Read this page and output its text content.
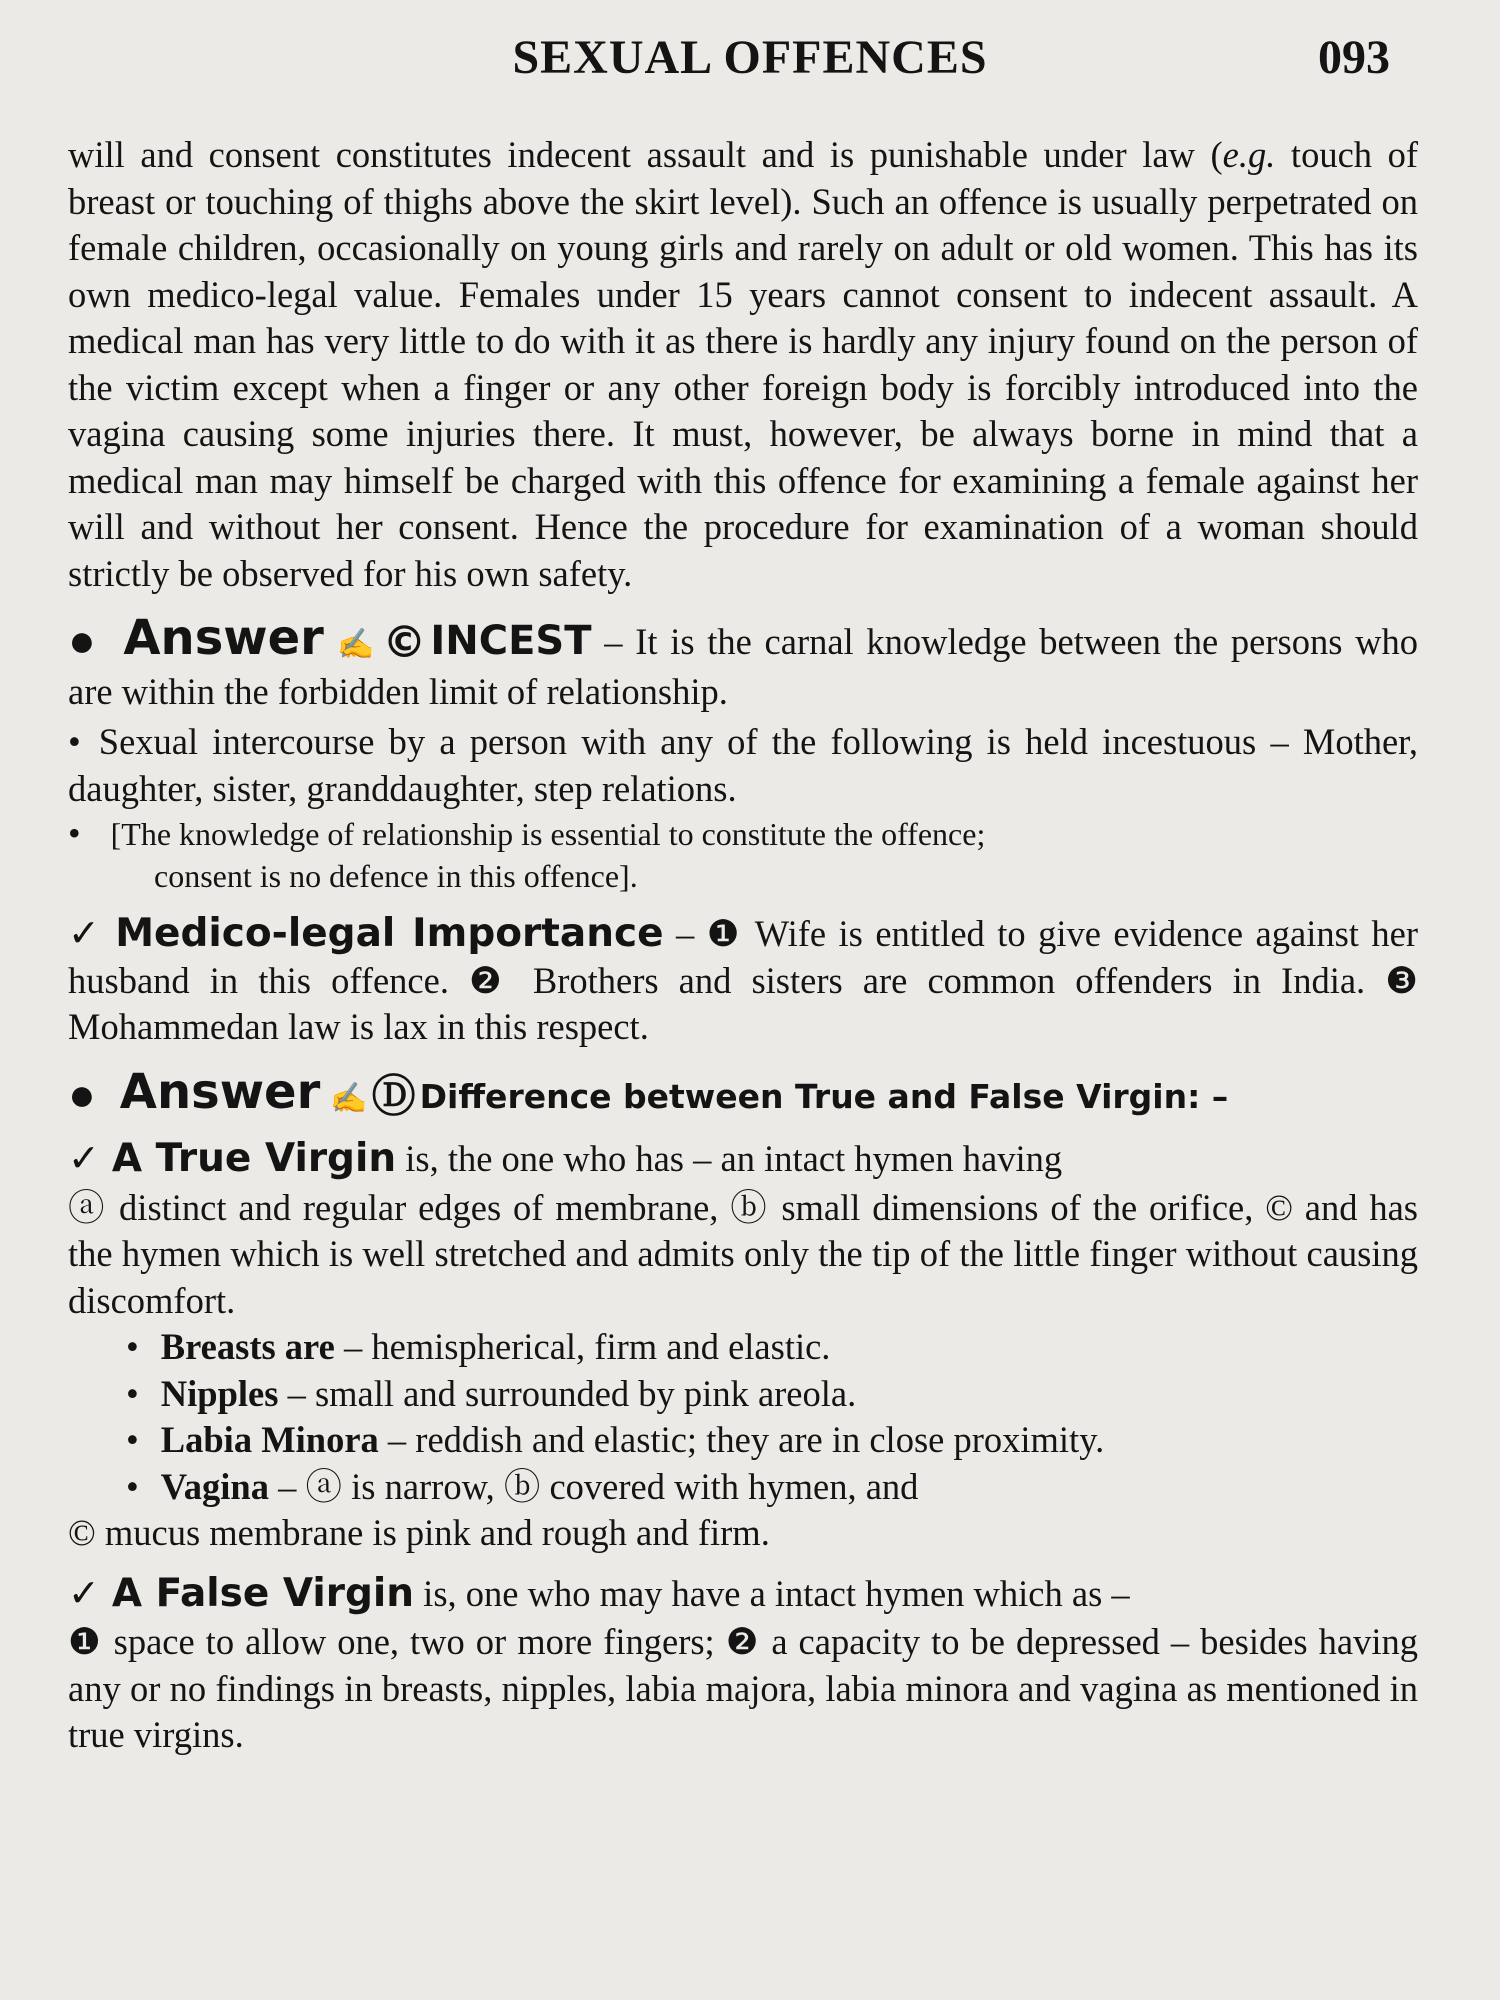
SEXUAL OFFENCES	093

will and consent constitutes indecent assault and is punishable under law (e.g. touch of breast or touching of thighs above the skirt level). Such an offence is usually perpetrated on female children, occasionally on young girls and rarely on adult or old women. This has its own medico-legal value. Females under 15 years cannot consent to indecent assault. A medical man has very little to do with it as there is hardly any injury found on the person of the victim except when a finger or any other foreign body is forcibly introduced into the vagina causing some injuries there. It must, however, be always borne in mind that a medical man may himself be charged with this offence for examining a female against her will and without her consent. Hence the procedure for examination of a woman should strictly be observed for his own safety.

● Answer ✍© INCEST – It is the carnal knowledge between the persons who are within the forbidden limit of relationship.

• Sexual intercourse by a person with any of the following is held incestuous – Mother, daughter, sister, granddaughter, step relations.

• [The knowledge of relationship is essential to constitute the offence;
consent is no defence in this offence].

✓ Medico-legal Importance – ❶ Wife is entitled to give evidence against her husband in this offence. ❷ Brothers and sisters are common offenders in India. ❸ Mohammedan law is lax in this respect.

● Answer ✍Ⓓ Difference between True and False Virgin: –

✓ A True Virgin is, the one who has – an intact hymen having

ⓐ distinct and regular edges of membrane, ⓑ small dimensions of the orifice, © and has the hymen which is well stretched and admits only the tip of the little finger without causing discomfort.

• Breasts are – hemispherical, firm and elastic.

• Nipples – small and surrounded by pink areola.

• Labia Minora – reddish and elastic; they are in close proximity.

• Vagina – ⓐ is narrow, ⓑ covered with hymen, and

© mucus membrane is pink and rough and firm.

✓ A False Virgin is, one who may have a intact hymen which as –

❶ space to allow one, two or more fingers; ❷ a capacity to be depressed – besides having any or no findings in breasts, nipples, labia majora, labia minora and vagina as mentioned in true virgins.
